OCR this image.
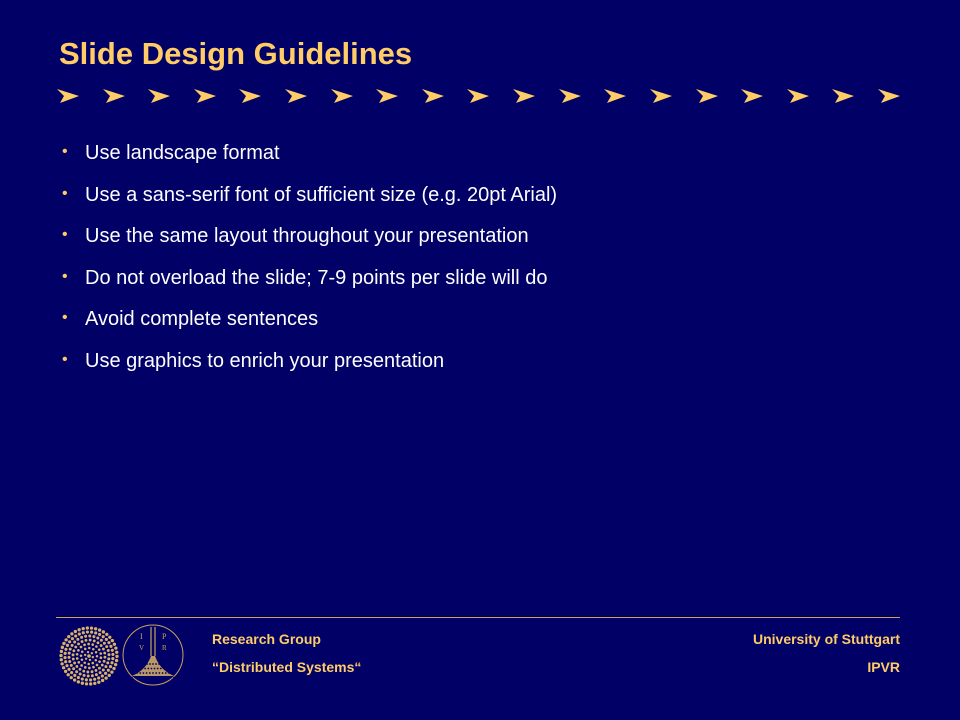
Slide Design Guidelines
• Use landscape format
• Use a sans-serif font of sufficient size (e.g. 20pt Arial)
• Use the same layout throughout your presentation
• Do not overload the slide; 7-9 points per slide will do
• Avoid complete sentences
• Use graphics to enrich your presentation
I P
V	R
Research Group
“Distributed Systems“
University of Stuttgart
IPVR
